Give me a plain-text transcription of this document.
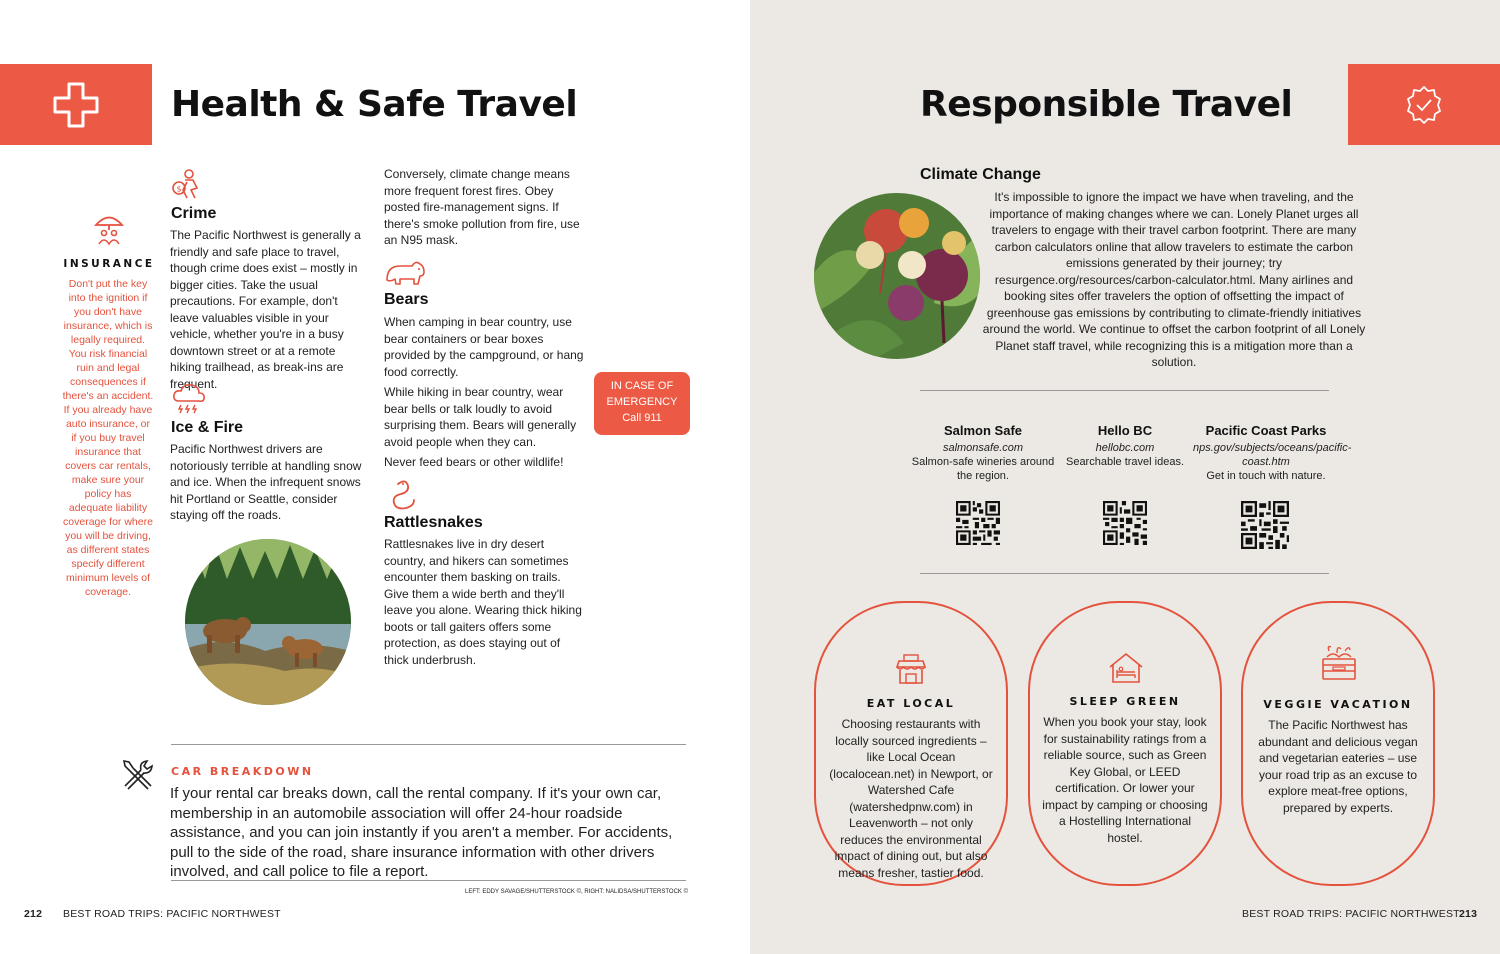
Health & Safe Travel
INSURANCE
Don't put the key into the ignition if you don't have insurance, which is legally required. You risk financial ruin and legal consequences if there's an accident. If you already have auto insurance, or if you buy travel insurance that covers car rentals, make sure your policy has adequate liability coverage for where you will be driving, as different states specify different minimum levels of coverage.
$
Crime
The Pacific Northwest is generally a friendly and safe place to travel, though crime does exist – mostly in bigger cities. Take the usual precautions. For example, don't leave valuables visible in your vehicle, whether you're in a busy downtown street or at a remote hiking trailhead, as break-ins are frequent.
Ice & Fire
Pacific Northwest drivers are notoriously terrible at handling snow and ice. When the infrequent snows hit Portland or Seattle, consider staying off the roads.
Conversely, climate change means more frequent forest fires. Obey posted fire-management signs. If there's smoke pollution from fire, use an N95 mask.
Bears
When camping in bear country, use bear containers or bear boxes provided by the campground, or hang food correctly.
While hiking in bear country, wear bear bells or talk loudly to avoid surprising them. Bears will generally avoid people when they can.
Never feed bears or other wildlife!
Rattlesnakes
Rattlesnakes live in dry desert country, and hikers can sometimes encounter them basking on trails. Give them a wide berth and they'll leave you alone. Wearing thick hiking boots or tall gaiters offers some protection, as does staying out of thick underbrush.
IN CASE OF
EMERGENCY
Call 911
CAR BREAKDOWN
If your rental car breaks down, call the rental company. If it's your own car, membership in an automobile association will offer 24-hour roadside assistance, and you can join instantly if you aren't a member. For accidents, pull to the side of the road, share insurance information with other drivers involved, and call police to file a report.
LEFT: EDDY SAVAGE/SHUTTERSTOCK ©, RIGHT: NALIDSA/SHUTTERSTOCK ©
212 BEST ROAD TRIPS: PACIFIC NORTHWEST
Responsible Travel
Climate Change
It's impossible to ignore the impact we have when traveling, and the importance of making changes where we can. Lonely Planet urges all travelers to engage with their travel carbon footprint. There are many carbon calculators online that allow travelers to estimate the carbon emissions generated by their journey; try resurgence.org/resources/carbon-calculator.html. Many airlines and booking sites offer travelers the option of offsetting the impact of greenhouse gas emissions by contributing to climate-friendly initiatives around the world. We continue to offset the carbon footprint of all Lonely Planet staff travel, while recognizing this is a mitigation more than a solution.
Salmon Safe
salmonsafe.com
Salmon-safe wineries around the region.
Hello BC
hellobc.com
Searchable travel ideas.
Pacific Coast Parks
nps.gov/subjects/oceans/pacific-coast.htm
Get in touch with nature.
EAT LOCAL
Choosing restaurants with locally sourced ingredients – like Local Ocean (localocean.net) in Newport, or Watershed Cafe (watershedpnw.com) in Leavenworth – not only reduces the environmental impact of dining out, but also means fresher, tastier food.
SLEEP GREEN
When you book your stay, look for sustainability ratings from a reliable source, such as Green Key Global, or LEED certification. Or lower your impact by camping or choosing a Hostelling International hostel.
VEGGIE VACATION
The Pacific Northwest has abundant and delicious vegan and vegetarian eateries – use your road trip as an excuse to explore meat-free options, prepared by experts.
BEST ROAD TRIPS: PACIFIC NORTHWEST 213
